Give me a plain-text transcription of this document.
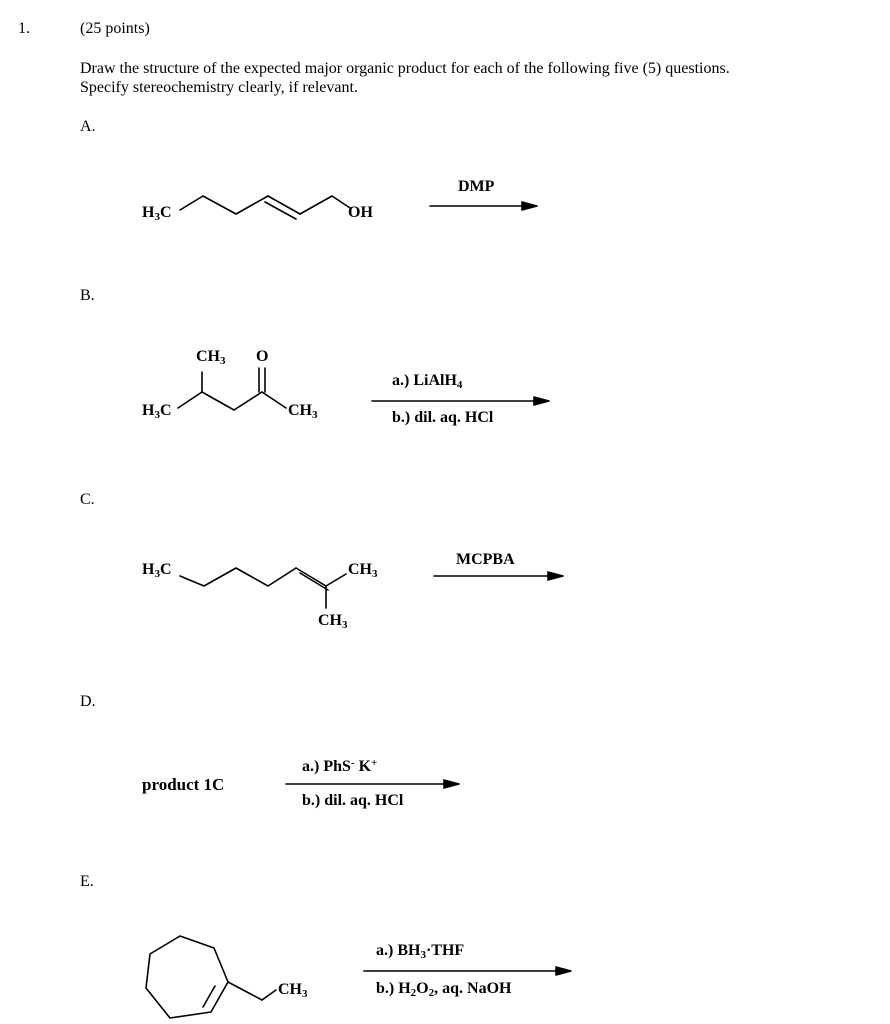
1.	(25 points)
Draw the structure of the expected major organic product for each of the following five (5) questions.
Specify stereochemistry clearly, if relevant.
A.
B.
C.
D.
E.
$H_3C$	OH
DMP
$H_3C$
$CH_3$ O
$CH_3$
a.) LiAlH$_4$
b.) dil. aq. HCl
$H_3C$	$CH_3$
$CH_3$
MCPBA
product 1C
a.) PhS- K+
b.) dil. aq. HCl
$CH_3$
a.) $BH_3\cdot THF$
b.) $H_2O_2$, aq. NaOH
